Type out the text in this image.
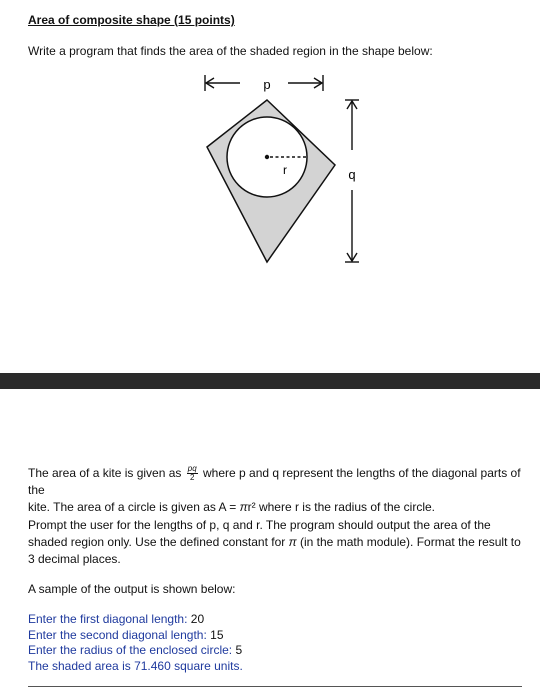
Area of composite shape (15 points)
Write a program that finds the area of the shaded region in the shape below:
p
r	q
The area of a kite is given as $\frac{pq}{2}$ where p and q represent the lengths of the diagonal parts of the
kite. The area of a circle is given as A = πr² where r is the radius of the circle.
Prompt the user for the lengths of p, q and r. The program should output the area of the shaded region only. Use the defined constant for π (in the math module). Format the result to 3 decimal places.
A sample of the output is shown below:
Enter the first diagonal length: 20
Enter the second diagonal length: 15
Enter the radius of the enclosed circle: 5
The shaded area is 71.460 square units.
